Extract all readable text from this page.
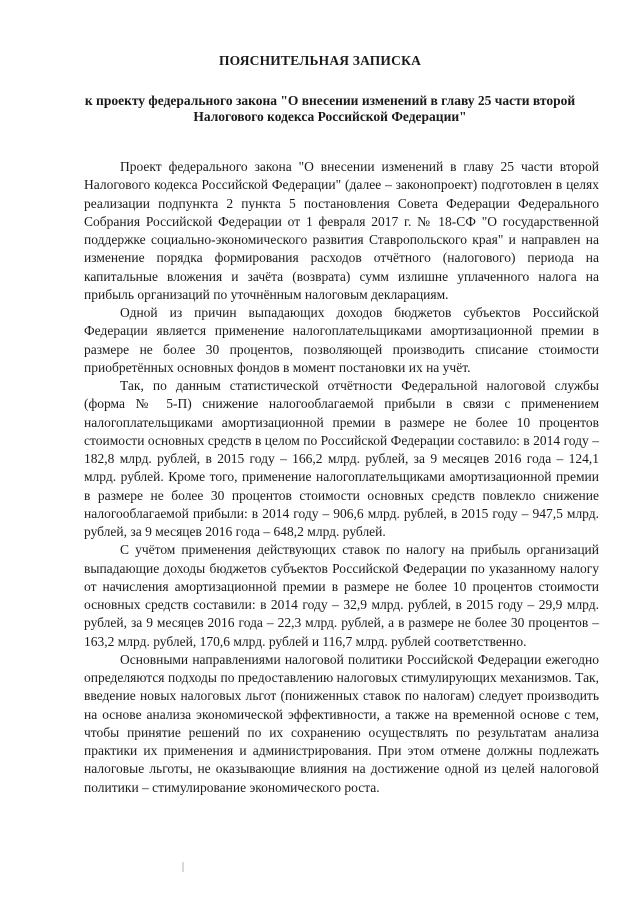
ПОЯСНИТЕЛЬНАЯ ЗАПИСКА
к проекту федерального закона "О внесении изменений в главу 25 части второй Налогового кодекса Российской Федерации"

Проект федерального закона "О внесении изменений в главу 25 части второй Налогового кодекса Российской Федерации" (далее – законопроект) подготовлен в целях реализации подпункта 2 пункта 5 постановления Совета Федерации Федерального Собрания Российской Федерации от 1 февраля 2017 г. № 18-СФ "О государственной поддержке социально-экономического развития Ставропольского края" и направлен на изменение порядка формирования расходов отчётного (налогового) периода на капитальные вложения и зачёта (возврата) сумм излишне уплаченного налога на прибыль организаций по уточнённым налоговым декларациям.

Одной из причин выпадающих доходов бюджетов субъектов Российской Федерации является применение налогоплательщиками амортизационной премии в размере не более 30 процентов, позволяющей производить списание стоимости приобретённых основных фондов в момент постановки их на учёт.

Так, по данным статистической отчётности Федеральной налоговой службы (форма № 5-П) снижение налогооблагаемой прибыли в связи с применением налогоплательщиками амортизационной премии в размере не более 10 процентов стоимости основных средств в целом по Российской Федерации составило: в 2014 году – 182,8 млрд. рублей, в 2015 году – 166,2 млрд. рублей, за 9 месяцев 2016 года – 124,1 млрд. рублей. Кроме того, применение налогоплательщиками амортизационной премии в размере не более 30 процентов стоимости основных средств повлекло снижение налогооблагаемой прибыли: в 2014 году – 906,6 млрд. рублей, в 2015 году – 947,5 млрд. рублей, за 9 месяцев 2016 года – 648,2 млрд. рублей.

С учётом применения действующих ставок по налогу на прибыль организаций выпадающие доходы бюджетов субъектов Российской Федерации по указанному налогу от начисления амортизационной премии в размере не более 10 процентов стоимости основных средств составили: в 2014 году – 32,9 млрд. рублей, в 2015 году – 29,9 млрд. рублей, за 9 месяцев 2016 года – 22,3 млрд. рублей, а в размере не более 30 процентов – 163,2 млрд. рублей, 170,6 млрд. рублей и 116,7 млрд. рублей соответственно.

Основными направлениями налоговой политики Российской Федерации ежегодно определяются подходы по предоставлению налоговых стимулирующих механизмов. Так, введение новых налоговых льгот (пониженных ставок по налогам) следует производить на основе анализа экономической эффективности, а также на временной основе с тем, чтобы принятие решений по их сохранению осуществлять по результатам анализа практики их применения и администрирования. При этом отмене должны подлежать налоговые льготы, не оказывающие влияния на достижение одной из целей налоговой политики – стимулирование экономического роста.
